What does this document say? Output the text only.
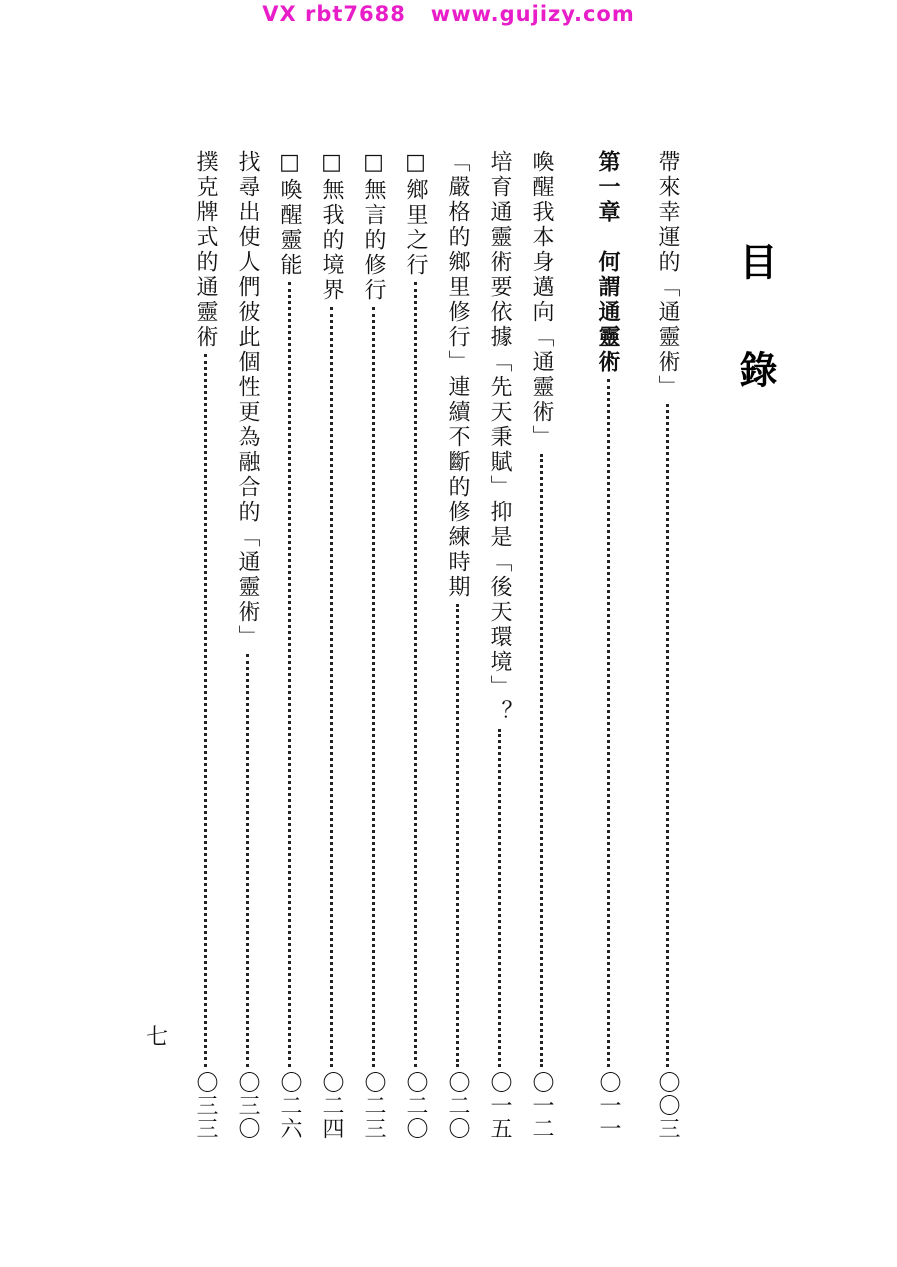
VX rbt7688   www.gujizy.com
目錄
帶來幸運的「通靈術」
〇〇三
第一章　何謂通靈術
〇一一
喚醒我本身邁向「通靈術」
〇一二
培育通靈術要依據「先天秉賦」抑是「後天環境」？
〇一五
「嚴格的鄉里修行」連續不斷的修練時期
〇二〇
□鄉里之行
〇二〇
□無言的修行
〇二三
□無我的境界
〇二四
□喚醒靈能
〇二六
找尋出使人們彼此個性更為融合的「通靈術」
〇三〇
撲克牌式的通靈術
〇三三
七
